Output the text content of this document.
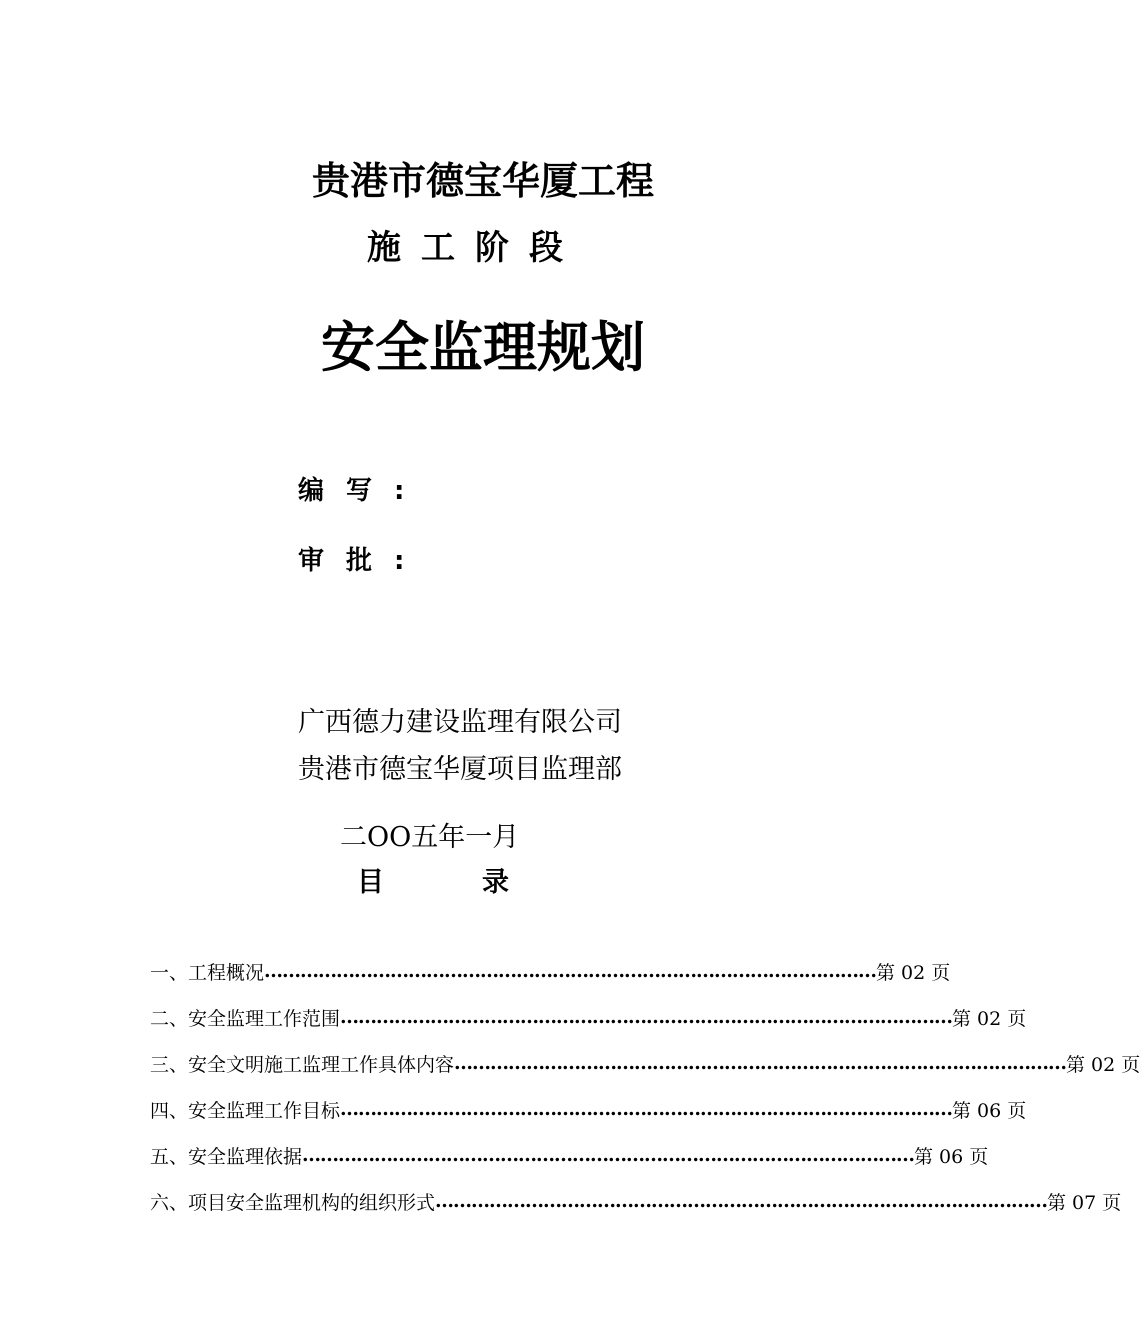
贵港市德宝华厦工程
施工阶段
安全监理规划
编写:
审批:
广西德力建设监理有限公司
贵港市德宝华厦项目监理部
二OO五年一月
目录
一、工程概况 ………………………………………………………………………………………… 第 02 页
二、安全监理工作范围 ………………………………………………………………………………………… 第 02 页
三、安全文明施工监理工作具体内容 ………………………………………………………………………………………… 第 02 页
四、安全监理工作目标 ………………………………………………………………………………………… 第 06 页
五、安全监理依据 ………………………………………………………………………………………… 第 06 页
六、项目安全监理机构的组织形式 ………………………………………………………………………………………… 第 07 页
